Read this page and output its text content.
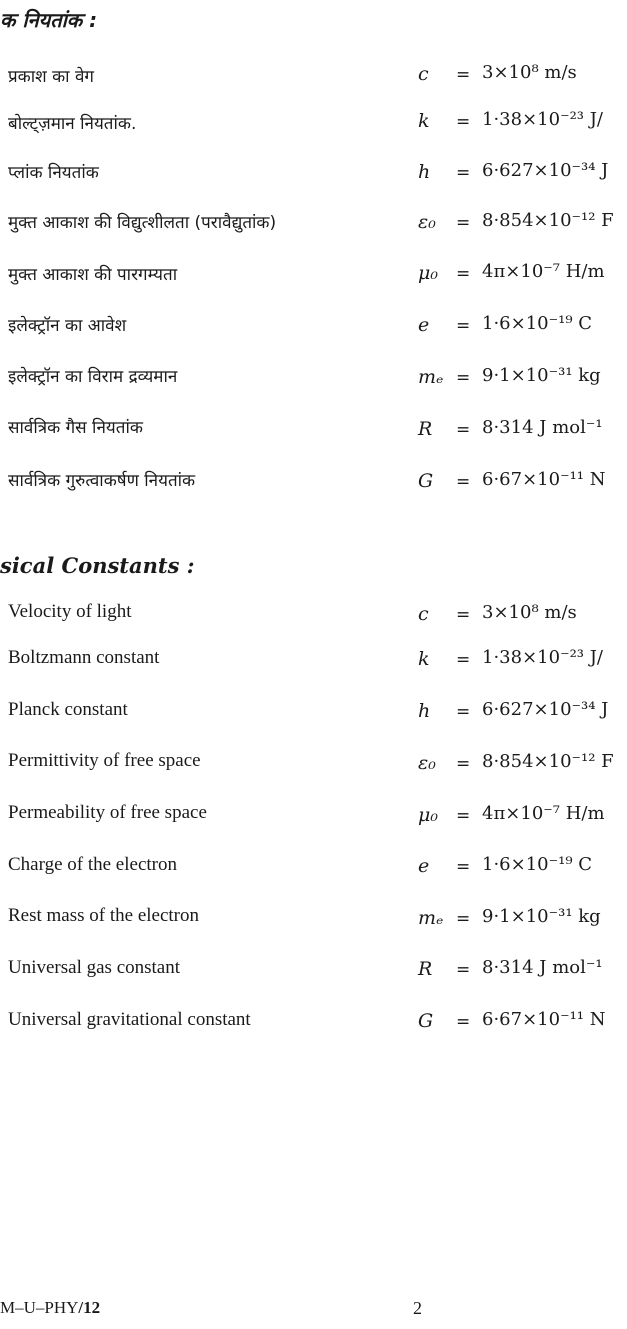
क नियतांक :
प्रकाश का वेग	c = 3×10⁸ m/s
बोल्ट्ज़मान नियतांक.	k = 1·38×10⁻²³ J/
प्लांक नियतांक	h = 6·627×10⁻³⁴ J
मुक्त आकाश की विद्युत्शीलता (परावैद्युतांक)	ε₀ = 8·854×10⁻¹² F
मुक्त आकाश की पारगम्यता	μ₀ = 4π×10⁻⁷ H/m
इलेक्ट्रॉन का आवेश	e = 1·6×10⁻¹⁹ C
इलेक्ट्रॉन का विराम द्रव्यमान	mₑ = 9·1×10⁻³¹ kg
सार्वत्रिक गैस नियतांक	R = 8·314 J mol⁻¹
सार्वत्रिक गुरुत्वाकर्षण नियतांक	G = 6·67×10⁻¹¹ N
sical Constants :
Velocity of light	c = 3×10⁸ m/s
Boltzmann constant	k = 1·38×10⁻²³ J/
Planck constant	h = 6·627×10⁻³⁴ J
Permittivity of free space	ε₀ = 8·854×10⁻¹² F
Permeability of free space	μ₀ = 4π×10⁻⁷ H/m
Charge of the electron	e = 1·6×10⁻¹⁹ C
Rest mass of the electron	mₑ = 9·1×10⁻³¹ kg
Universal gas constant	R = 8·314 J mol⁻¹
Universal gravitational constant	G = 6·67×10⁻¹¹ N
M–U–PHY/12	2
